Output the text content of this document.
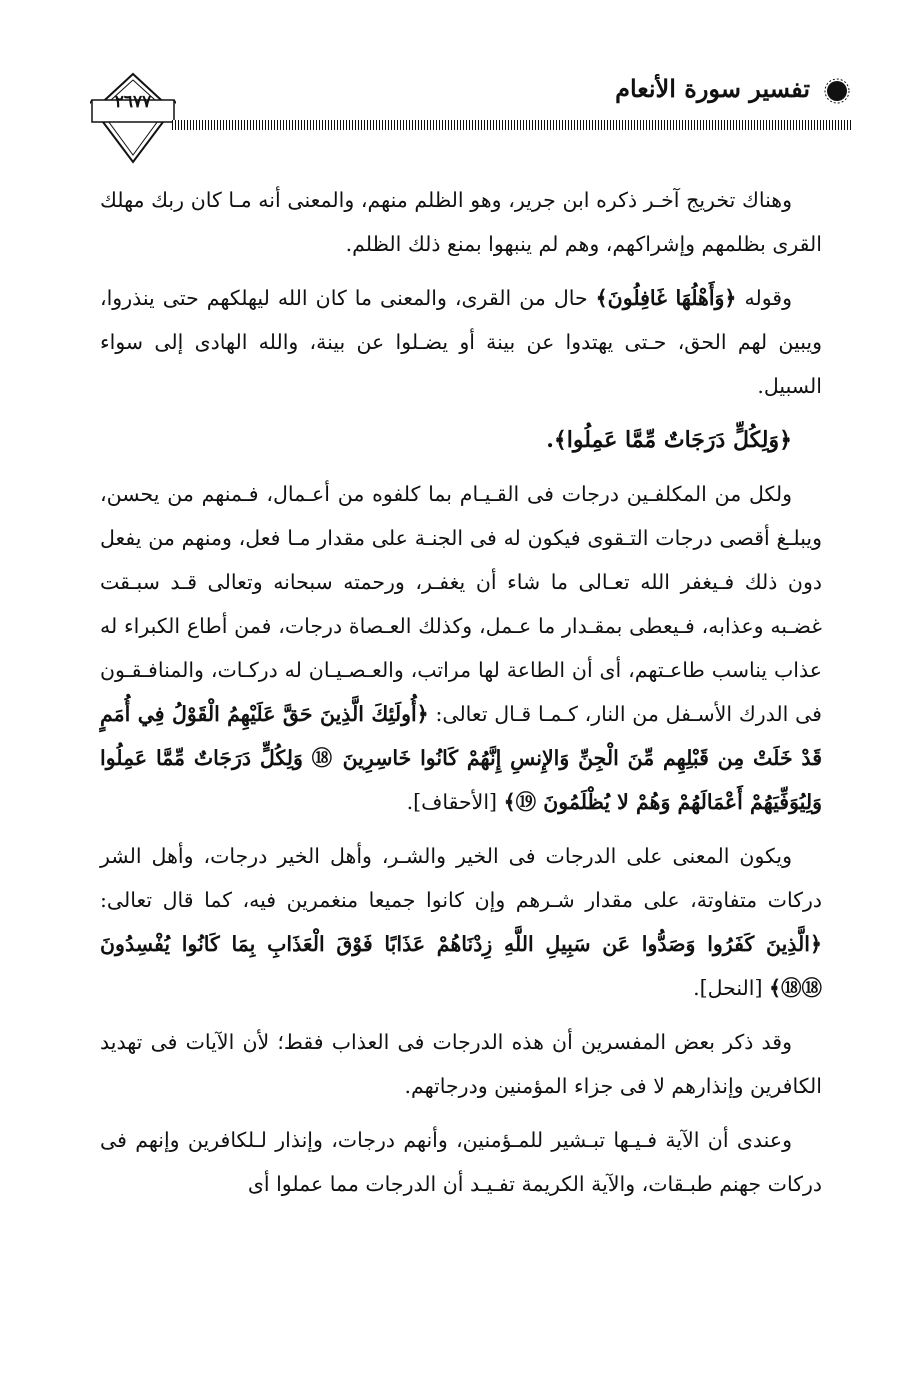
٢٦٧٧	تفسير سورة الأنعام

وهناك تخريج آخـر ذكره ابن جرير، وهو الظلم منهم، والمعنى أنه مـا كان ربك مهلك القرى بظلمهم وإشراكهم، وهم لم ينبهوا بمنع ذلك الظلم.

وقوله ﴿وَأَهْلُهَا غَافِلُونَ﴾ حال من القرى، والمعنى ما كان الله ليهلكهم حتى ينذروا، ويبين لهم الحق، حـتى يهتدوا عن بينة أو يضـلوا عن بينة، والله الهادى إلى سواء السبيل.

﴿وَلِكُلٍّ دَرَجَاتٌ مِّمَّا عَمِلُوا﴾.

ولكل من المكلفـين درجات فى القـيـام بما كلفوه من أعـمال، فـمنهم من يحسن، ويبلـغ أقصى درجات التـقوى فيكون له فى الجنـة على مقدار مـا فعل، ومنهم من يفعل دون ذلك فـيغفر الله تعـالى ما شاء أن يغفـر، ورحمته سبحانه وتعالى قـد سبـقت غضـبه وعذابه، فـيعطى بمقـدار ما عـمل، وكذلك العـصاة درجات، فمن أطاع الكبراء له عذاب يناسب طاعـتهم، أى أن الطاعة لها مراتب، والعـصـيـان له دركـات، والمنافـقـون فى الدرك الأسـفل من النار، كـمـا قـال تعالى: ﴿أُولَئِكَ الَّذِينَ حَقَّ عَلَيْهِمُ الْقَوْلُ فِي أُمَمٍ قَدْ خَلَتْ مِن قَبْلِهِم مِّنَ الْجِنِّ وَالإِنسِ إِنَّهُمْ كَانُوا خَاسِرِينَ ⑱ وَلِكُلٍّ دَرَجَاتٌ مِّمَّا عَمِلُوا وَلِيُوَفِّيَهُمْ أَعْمَالَهُمْ وَهُمْ لا يُظْلَمُونَ ⑲﴾ [الأحقاف].

ويكون المعنى على الدرجات فى الخير والشـر، وأهل الخير درجات، وأهل الشر دركات متفاوتة، على مقدار شـرهم وإن كانوا جميعا منغمرين فيه، كما قال تعالى: ﴿الَّذِينَ كَفَرُوا وَصَدُّوا عَن سَبِيلِ اللَّهِ زِدْنَاهُمْ عَذَابًا فَوْقَ الْعَذَابِ بِمَا كَانُوا يُفْسِدُونَ ⑱⑱﴾ [النحل].

وقد ذكر بعض المفسرين أن هذه الدرجات فى العذاب فقط؛ لأن الآيات فى تهديد الكافرين وإنذارهم لا فى جزاء المؤمنين ودرجاتهم.

وعندى أن الآية فـيـها تبـشير للمـؤمنين، وأنهم درجات، وإنذار لـلكافرين وإنهم فى دركات جهنم طبـقات، والآية الكريمة تفـيـد أن الدرجات مما عملوا أى
